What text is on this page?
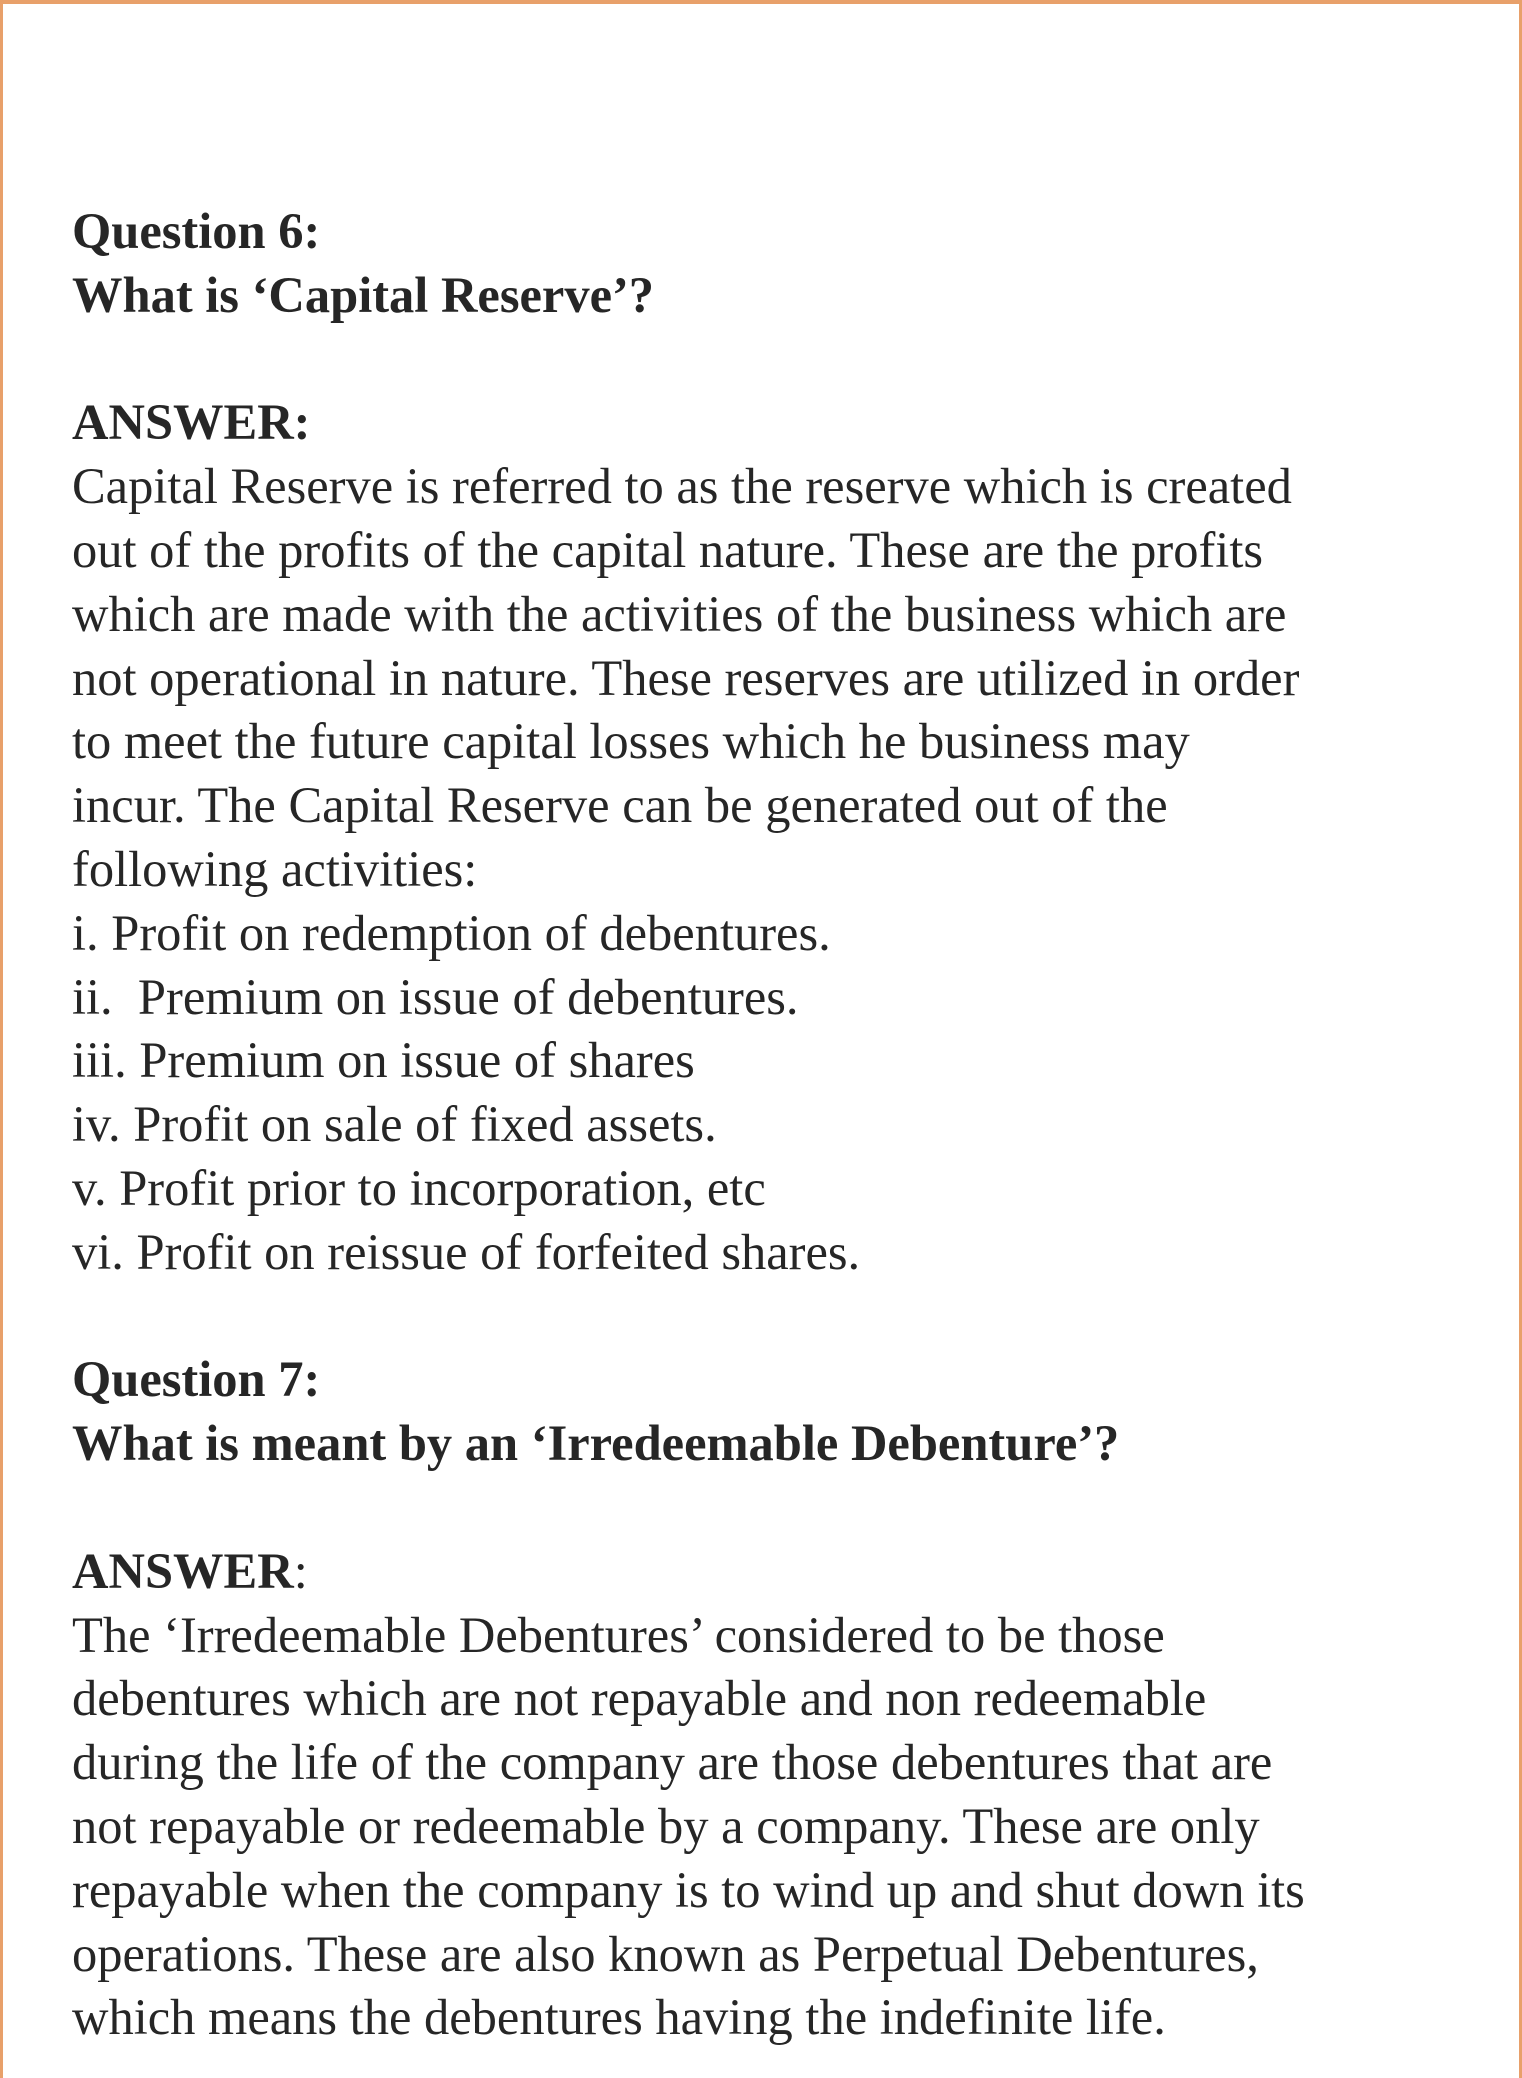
Question 6:
What is ‘Capital Reserve’?
ANSWER:
Capital Reserve is referred to as the reserve which is created
out of the profits of the capital nature. These are the profits
which are made with the activities of the business which are
not operational in nature. These reserves are utilized in order
to meet the future capital losses which he business may
incur. The Capital Reserve can be generated out of the
following activities:
i. Profit on redemption of debentures.
ii.  Premium on issue of debentures.
iii. Premium on issue of shares
iv. Profit on sale of fixed assets.
v. Profit prior to incorporation, etc
vi. Profit on reissue of forfeited shares.
Question 7:
What is meant by an ‘Irredeemable Debenture’?
ANSWER:
The ‘Irredeemable Debentures’ considered to be those
debentures which are not repayable and non redeemable
during the life of the company are those debentures that are
not repayable or redeemable by a company. These are only
repayable when the company is to wind up and shut down its
operations. These are also known as Perpetual Debentures,
which means the debentures having the indefinite life.
